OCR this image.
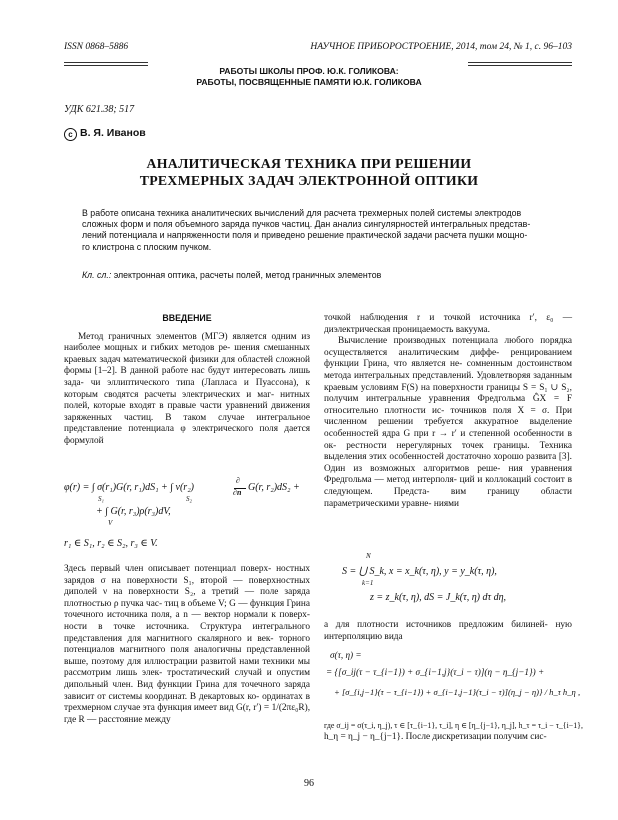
ISSN 0868–5886	НАУЧНОЕ ПРИБОРОСТРОЕНИЕ, 2014, том 24, № 1, c. 96–103
РАБОТЫ ШКОЛЫ ПРОФ. Ю.К. ГОЛИКОВА:
РАБОТЫ, ПОСВЯЩЕННЫЕ ПАМЯТИ Ю.К. ГОЛИКОВА
УДК 621.38; 517
c В. Я. Иванов
АНАЛИТИЧЕСКАЯ ТЕХНИКА ПРИ РЕШЕНИИ
ТРЕХМЕРНЫХ ЗАДАЧ ЭЛЕКТРОННОЙ ОПТИКИ
В работе описана техника аналитических вычислений для расчета трехмерных полей системы электродов
сложных форм и поля объемного заряда пучков частиц. Дан анализ сингулярностей интегральных представ-
лений потенциала и напряженности поля и приведено решение практической задачи расчета пушки мощно-
го клистрона с плоским пучком.
Кл. сл.: электронная оптика, расчеты полей, метод граничных элементов
ВВЕДЕНИЕ

Метод граничных элементов (МГЭ) является одним из наиболее мощных и гибких методов ре- шения смешанных краевых задач математической физики для областей сложной формы [1–2]. В данной работе нас будут интересовать лишь зада- чи эллиптического типа (Лапласа и Пуассона), к которым сводятся расчеты электрических и маг- нитных полей, которые входят в правые части уравнений движения заряженных частиц. В таком случае интегральное представление потенциала φ электрического поля дается формулой

φ(r) = ∫ σ(r₁)G(r, r₁)dS₁ + ∫ ν(r₂)
∂
∂n G(r, r₂)dS₂ +
S₁	S₂
+ ∫ G(r, r₃)ρ(r₃)dV,
V
r₁ ∈ S₁, r₂ ∈ S₂, r₃ ∈ V.

Здесь первый член описывает потенциал поверх- ностных зарядов σ на поверхности S₁, второй — поверхностных диполей ν на поверхности S₂, а третий — поле заряда плотностью ρ пучка час- тиц в объеме V; G — функция Грина точечного источника поля, а n — вектор нормали к поверх- ности в точке источника. Структура интегрального представления для магнитного скалярного и век- торного потенциалов магнитного поля аналогичны представленной выше, поэтому для иллюстрации развитой нами техники мы рассмотрим лишь элек- тростатический случай и опустим дипольный член. Вид функции Грина для точечного заряда зависит от системы координат. В декартовых ко- ординатах в трехмерном случае эта функция имеет вид G(r, r′) = 1/(2πε₀R), где R — расстояние между

точкой наблюдения r и точкой источника r′, ε₀ — диэлектрическая проницаемость вакуума.

Вычисление производных потенциала любого порядка осуществляется аналитическим диффе- ренцированием функции Грина, что является не- сомненным достоинством метода интегральных представлений. Удовлетворяя заданным краевым условиям F(S) на поверхности границы S = S₁ ∪ S₂, получим интегральные уравнения Фредгольма ĜX = F относительно плотности ис- точников поля X = σ. При численном решении требуется аккуратное выделение особенностей ядра G при r → r′ и степенной особенности в ок- рестности нерегулярных точек границы. Техника выделения этих особенностей достаточно хорошо развита [3]. Один из возможных алгоритмов реше- ния уравнения Фредгольма — метод интерполя- ций и коллокаций состоит в следующем. Предста- вим границу области параметрическими уравне- ниями

N
S = ⋃ S_k, x = x_k(τ, η), y = y_k(τ, η),
k=1
z = z_k(τ, η), dS = J_k(τ, η) dτ dη,

а для плотности источников предложим билиней- ную интерполяцию вида

σ(τ, η) =
= {[σ_ij(τ − τ_{i−1}) + σ_{i−1,j}(τ_i − τ)](η − η_{j−1}) +
+ [σ_{i,j−1}(τ − τ_{i−1}) + σ_{i−1,j−1}(τ_i − τ)](η_j − η)} / h_τ h_η ,

где σ_ij = σ(τ_i, η_j), τ ∈ [τ_{i−1}, τ_i], η ∈ [η_{j−1}, η_j], h_τ = τ_i − τ_{i−1},
h_η = η_j − η_{j−1}. После дискретизации получим сис-

96
